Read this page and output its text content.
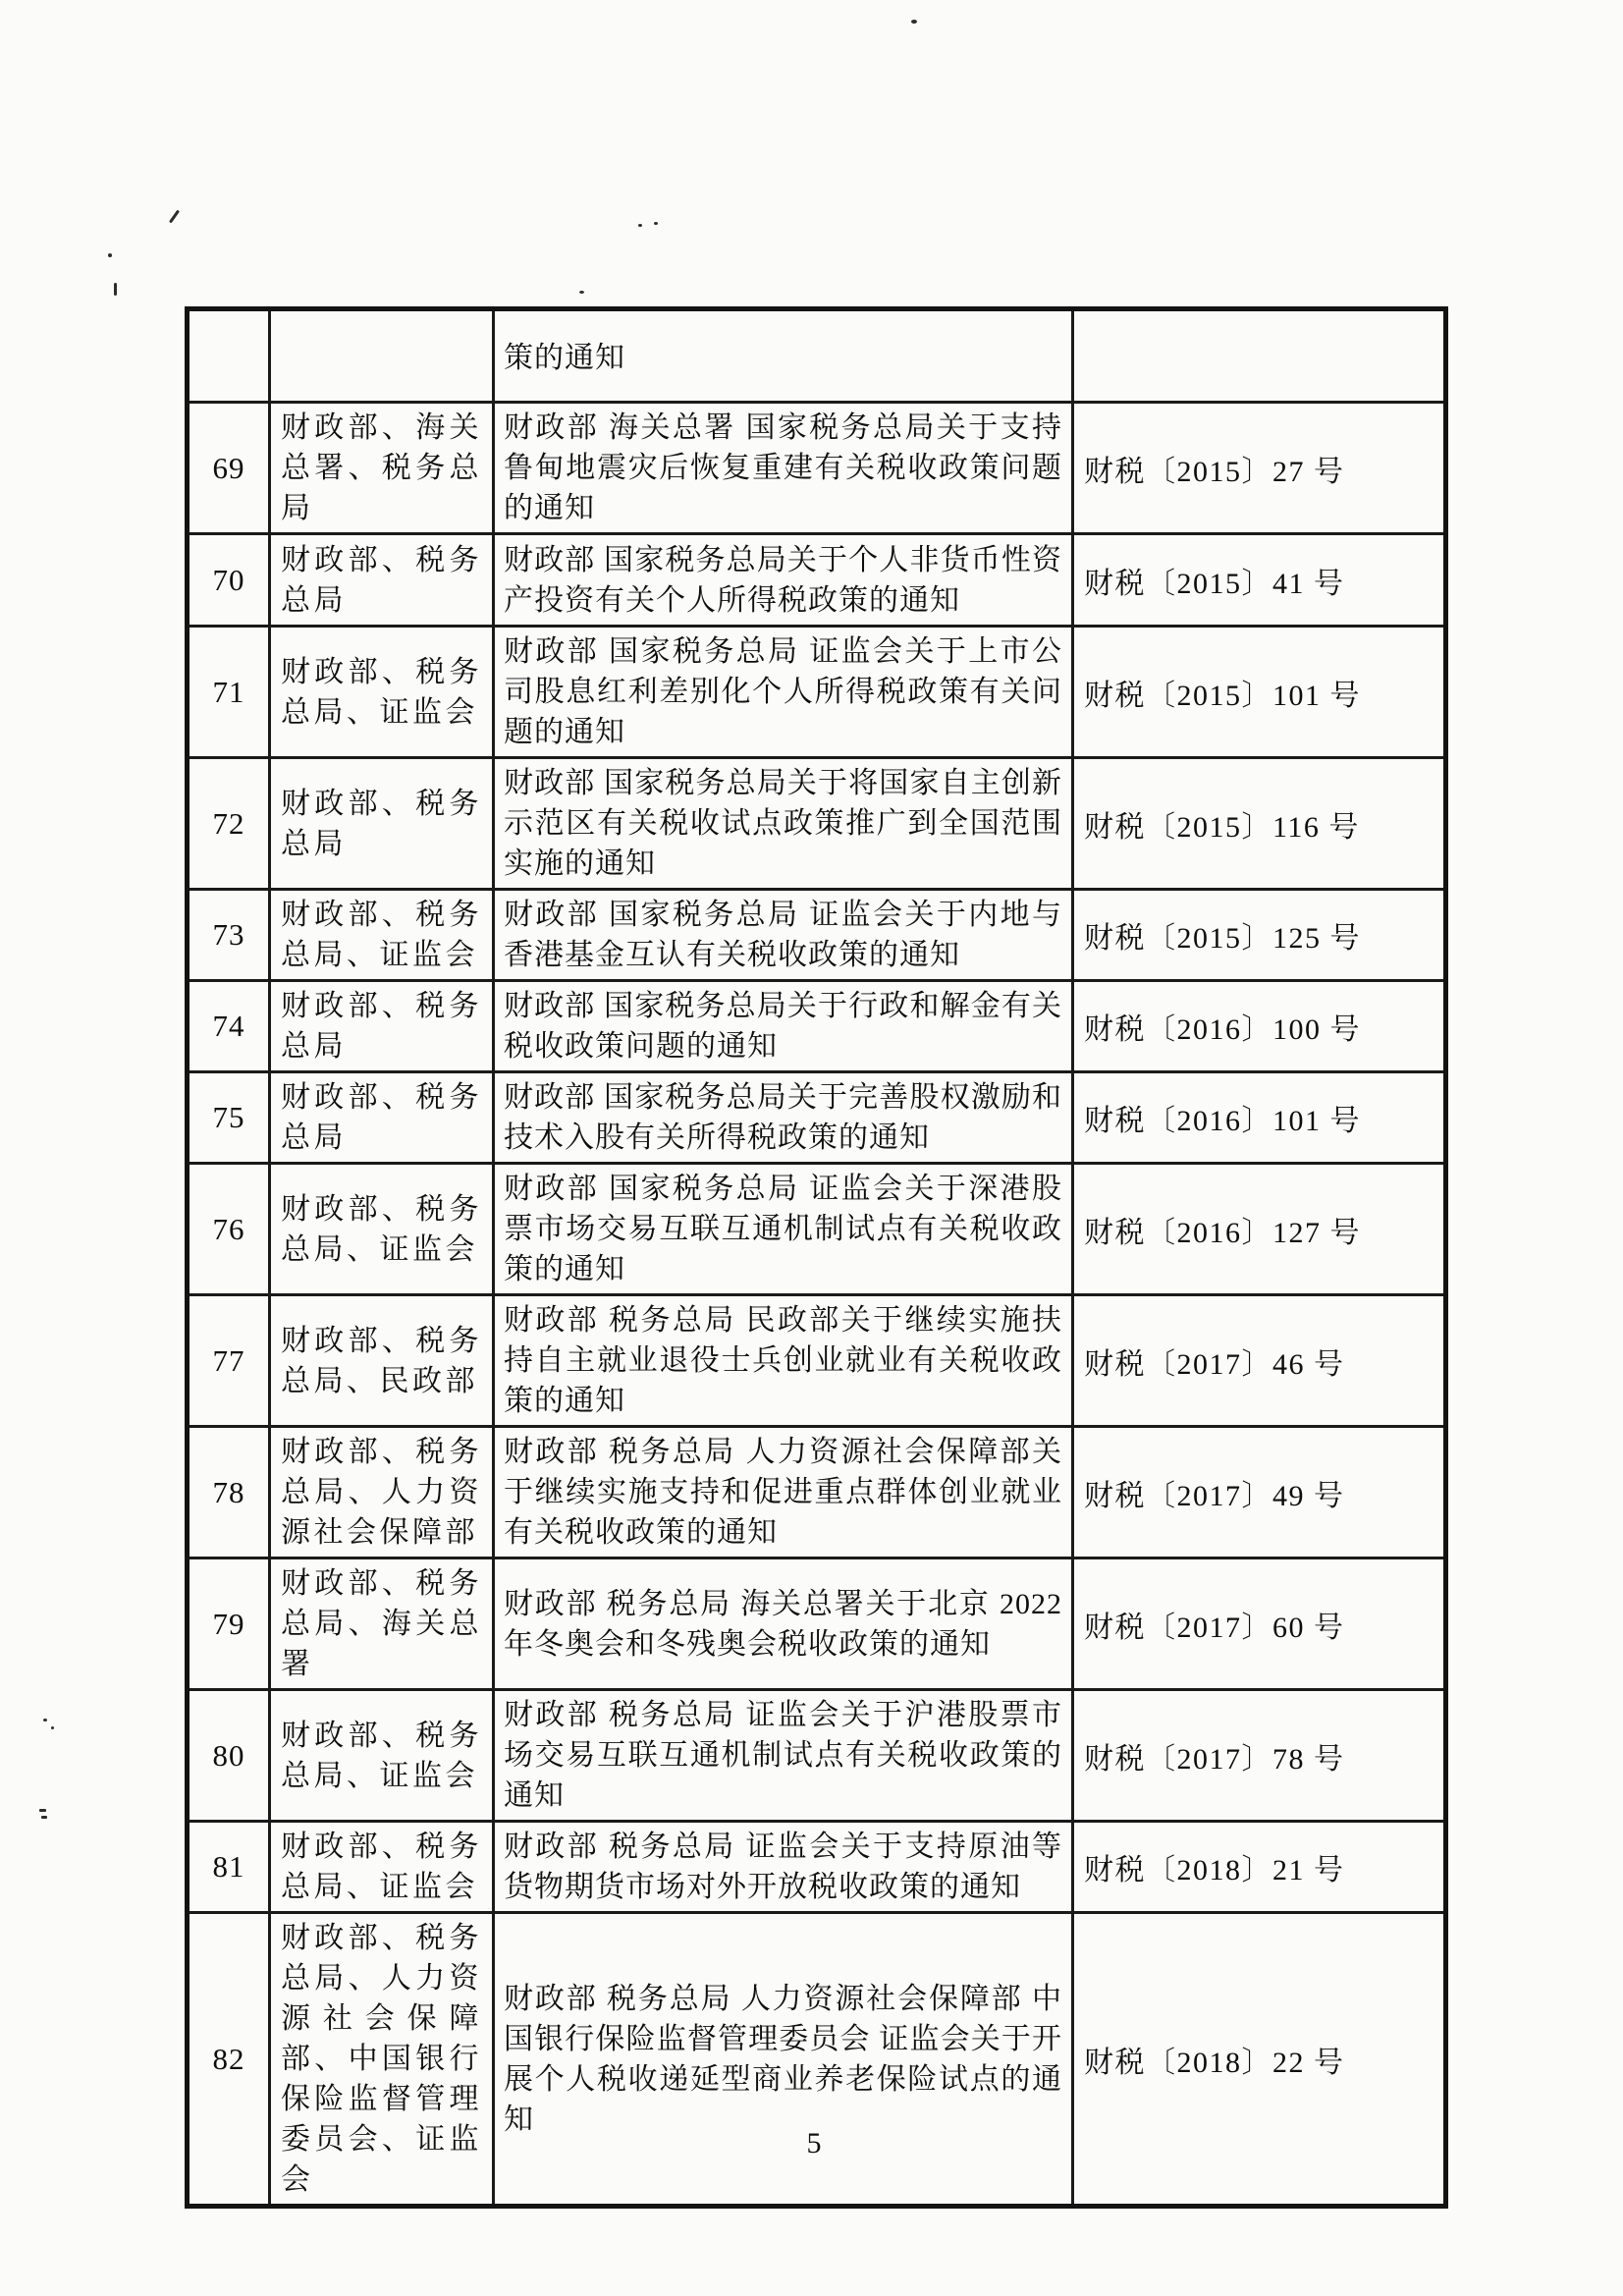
		策的通知	
69	财政部、海关总署、税务总局	财政部 海关总署 国家税务总局关于支持鲁甸地震灾后恢复重建有关税收政策问题的通知	财税〔2015〕27 号
70	财政部、税务总局	财政部 国家税务总局关于个人非货币性资产投资有关个人所得税政策的通知	财税〔2015〕41 号
71	财政部、税务总局、证监会	财政部 国家税务总局 证监会关于上市公司股息红利差别化个人所得税政策有关问题的通知	财税〔2015〕101 号
72	财政部、税务总局	财政部 国家税务总局关于将国家自主创新示范区有关税收试点政策推广到全国范围实施的通知	财税〔2015〕116 号
73	财政部、税务总局、证监会	财政部 国家税务总局 证监会关于内地与香港基金互认有关税收政策的通知	财税〔2015〕125 号
74	财政部、税务总局	财政部 国家税务总局关于行政和解金有关税收政策问题的通知	财税〔2016〕100 号
75	财政部、税务总局	财政部 国家税务总局关于完善股权激励和技术入股有关所得税政策的通知	财税〔2016〕101 号
76	财政部、税务总局、证监会	财政部 国家税务总局 证监会关于深港股票市场交易互联互通机制试点有关税收政策的通知	财税〔2016〕127 号
77	财政部、税务总局、民政部	财政部 税务总局 民政部关于继续实施扶持自主就业退役士兵创业就业有关税收政策的通知	财税〔2017〕46 号
78	财政部、税务总局、人力资源社会保障部	财政部 税务总局 人力资源社会保障部关于继续实施支持和促进重点群体创业就业有关税收政策的通知	财税〔2017〕49 号
79	财政部、税务总局、海关总署	财政部 税务总局 海关总署关于北京 2022 年冬奥会和冬残奥会税收政策的通知	财税〔2017〕60 号
80	财政部、税务总局、证监会	财政部 税务总局 证监会关于沪港股票市场交易互联互通机制试点有关税收政策的通知	财税〔2017〕78 号
81	财政部、税务总局、证监会	财政部 税务总局 证监会关于支持原油等货物期货市场对外开放税收政策的通知	财税〔2018〕21 号
82	财政部、税务总局、人力资源社会保障部、中国银行保险监督管理委员会、证监会	财政部 税务总局 人力资源社会保障部 中国银行保险监督管理委员会 证监会关于开展个人税收递延型商业养老保险试点的通知	财税〔2018〕22 号
5
